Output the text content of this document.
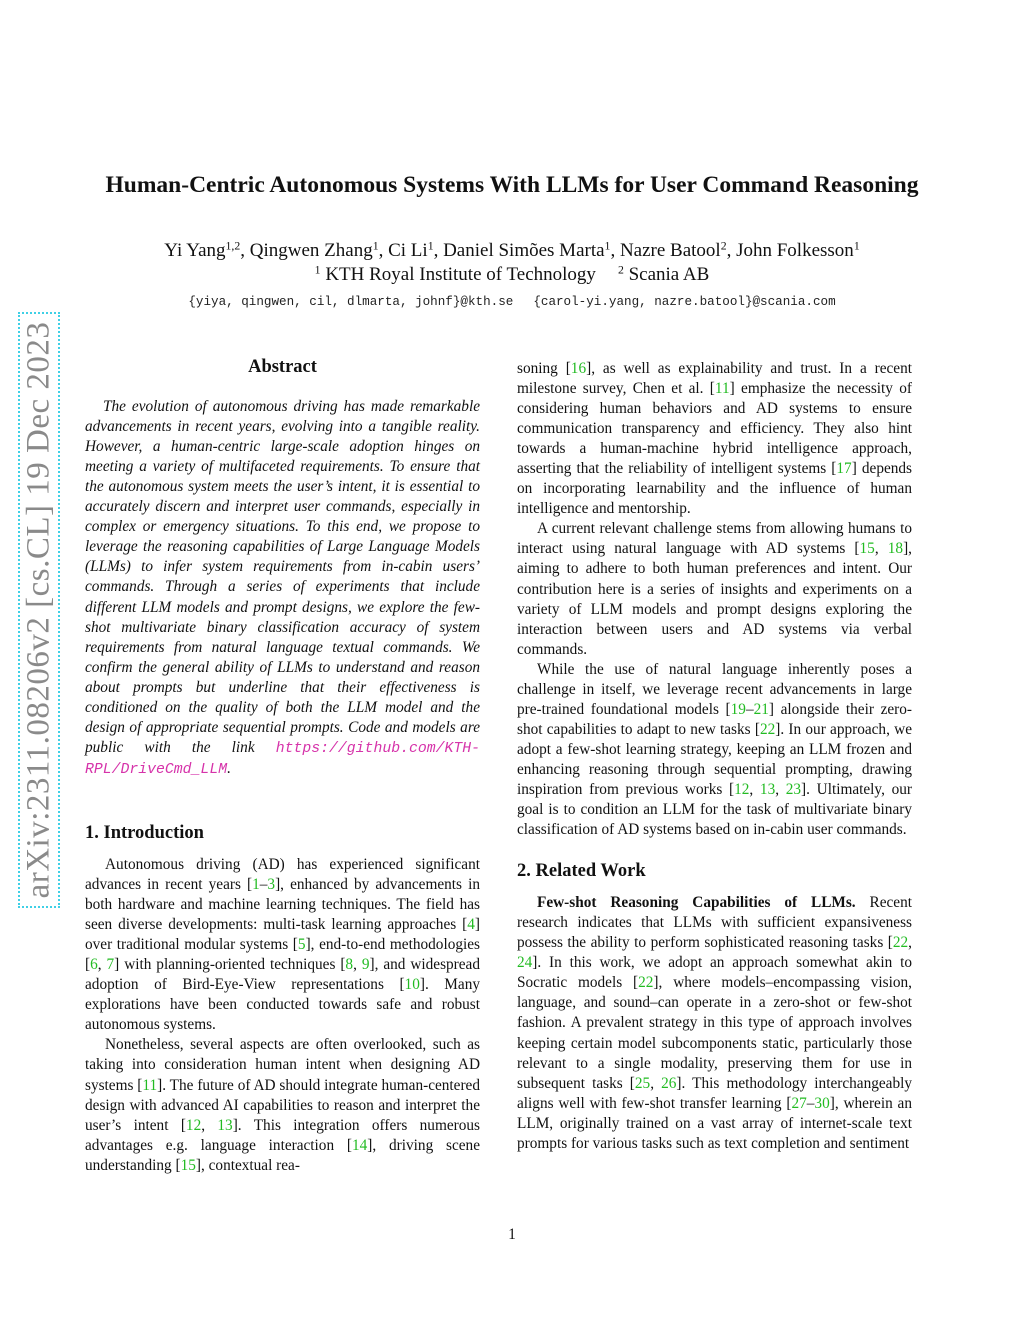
arXiv:2311.08206v2 [cs.CL] 19 Dec 2023
Human-Centric Autonomous Systems With LLMs for User Command Reasoning
Yi Yang$^{1,2}$, Qingwen Zhang$^1$, Ci Li$^1$, Daniel Simões Marta$^1$, Nazre Batool$^2$, John Folkesson$^1$
$^1$ KTH Royal Institute of Technology $^2$ Scania AB
{yiya, qingwen, cil, dlmarta, johnf}@kth.se {carol-yi.yang, nazre.batool}@scania.com
Abstract

The evolution of autonomous driving has made remarkable advancements in recent years, evolving into a tangible reality. However, a human-centric large-scale adoption hinges on meeting a variety of multifaceted requirements. To ensure that the autonomous system meets the user’s intent, it is essential to accurately discern and interpret user commands, especially in complex or emergency situations. To this end, we propose to leverage the reasoning capabilities of Large Language Models (LLMs) to infer system requirements from in-cabin users’ commands. Through a series of experiments that include different LLM models and prompt designs, we explore the few-shot multivariate binary classification accuracy of system requirements from natural language textual commands. We confirm the general ability of LLMs to understand and reason about prompts but underline that their effectiveness is conditioned on the quality of both the LLM model and the design of appropriate sequential prompts. Code and models are public with the link https://github.com/KTH-RPL/DriveCmd_LLM.

1. Introduction

Autonomous driving (AD) has experienced significant advances in recent years [1–3], enhanced by advancements in both hardware and machine learning techniques. The field has seen diverse developments: multi-task learning approaches [4] over traditional modular systems [5], end-to-end methodologies [6, 7] with planning-oriented techniques [8, 9], and widespread adoption of Bird-Eye-View representations [10]. Many explorations have been conducted towards safe and robust autonomous systems.

Nonetheless, several aspects are often overlooked, such as taking into consideration human intent when designing AD systems [11]. The future of AD should integrate human-centered design with advanced AI capabilities to reason and interpret the user’s intent [12, 13]. This integration offers numerous advantages e.g. language interaction [14], driving scene understanding [15], contextual rea-

soning [16], as well as explainability and trust. In a recent milestone survey, Chen et al. [11] emphasize the necessity of considering human behaviors and AD systems to ensure communication transparency and efficiency. They also hint towards a human-machine hybrid intelligence approach, asserting that the reliability of intelligent systems [17] depends on incorporating learnability and the influence of human intelligence and mentorship.

A current relevant challenge stems from allowing humans to interact using natural language with AD systems [15, 18], aiming to adhere to both human preferences and intent. Our contribution here is a series of insights and experiments on a variety of LLM models and prompt designs exploring the interaction between users and AD systems via verbal commands.

While the use of natural language inherently poses a challenge in itself, we leverage recent advancements in large pre-trained foundational models [19–21] alongside their zero-shot capabilities to adapt to new tasks [22]. In our approach, we adopt a few-shot learning strategy, keeping an LLM frozen and enhancing reasoning through sequential prompting, drawing inspiration from previous works [12, 13, 23]. Ultimately, our goal is to condition an LLM for the task of multivariate binary classification of AD systems based on in-cabin user commands.

2. Related Work

Few-shot Reasoning Capabilities of LLMs. Recent research indicates that LLMs with sufficient expansiveness possess the ability to perform sophisticated reasoning tasks [22, 24]. In this work, we adopt an approach somewhat akin to Socratic models [22], where models–encompassing vision, language, and sound–can operate in a zero-shot or few-shot fashion. A prevalent strategy in this type of approach involves keeping certain model subcomponents static, particularly those relevant to a single modality, preserving them for use in subsequent tasks [25, 26]. This methodology interchangeably aligns well with few-shot transfer learning [27–30], wherein an LLM, originally trained on a vast array of internet-scale text prompts for various tasks such as text completion and sentiment

1
